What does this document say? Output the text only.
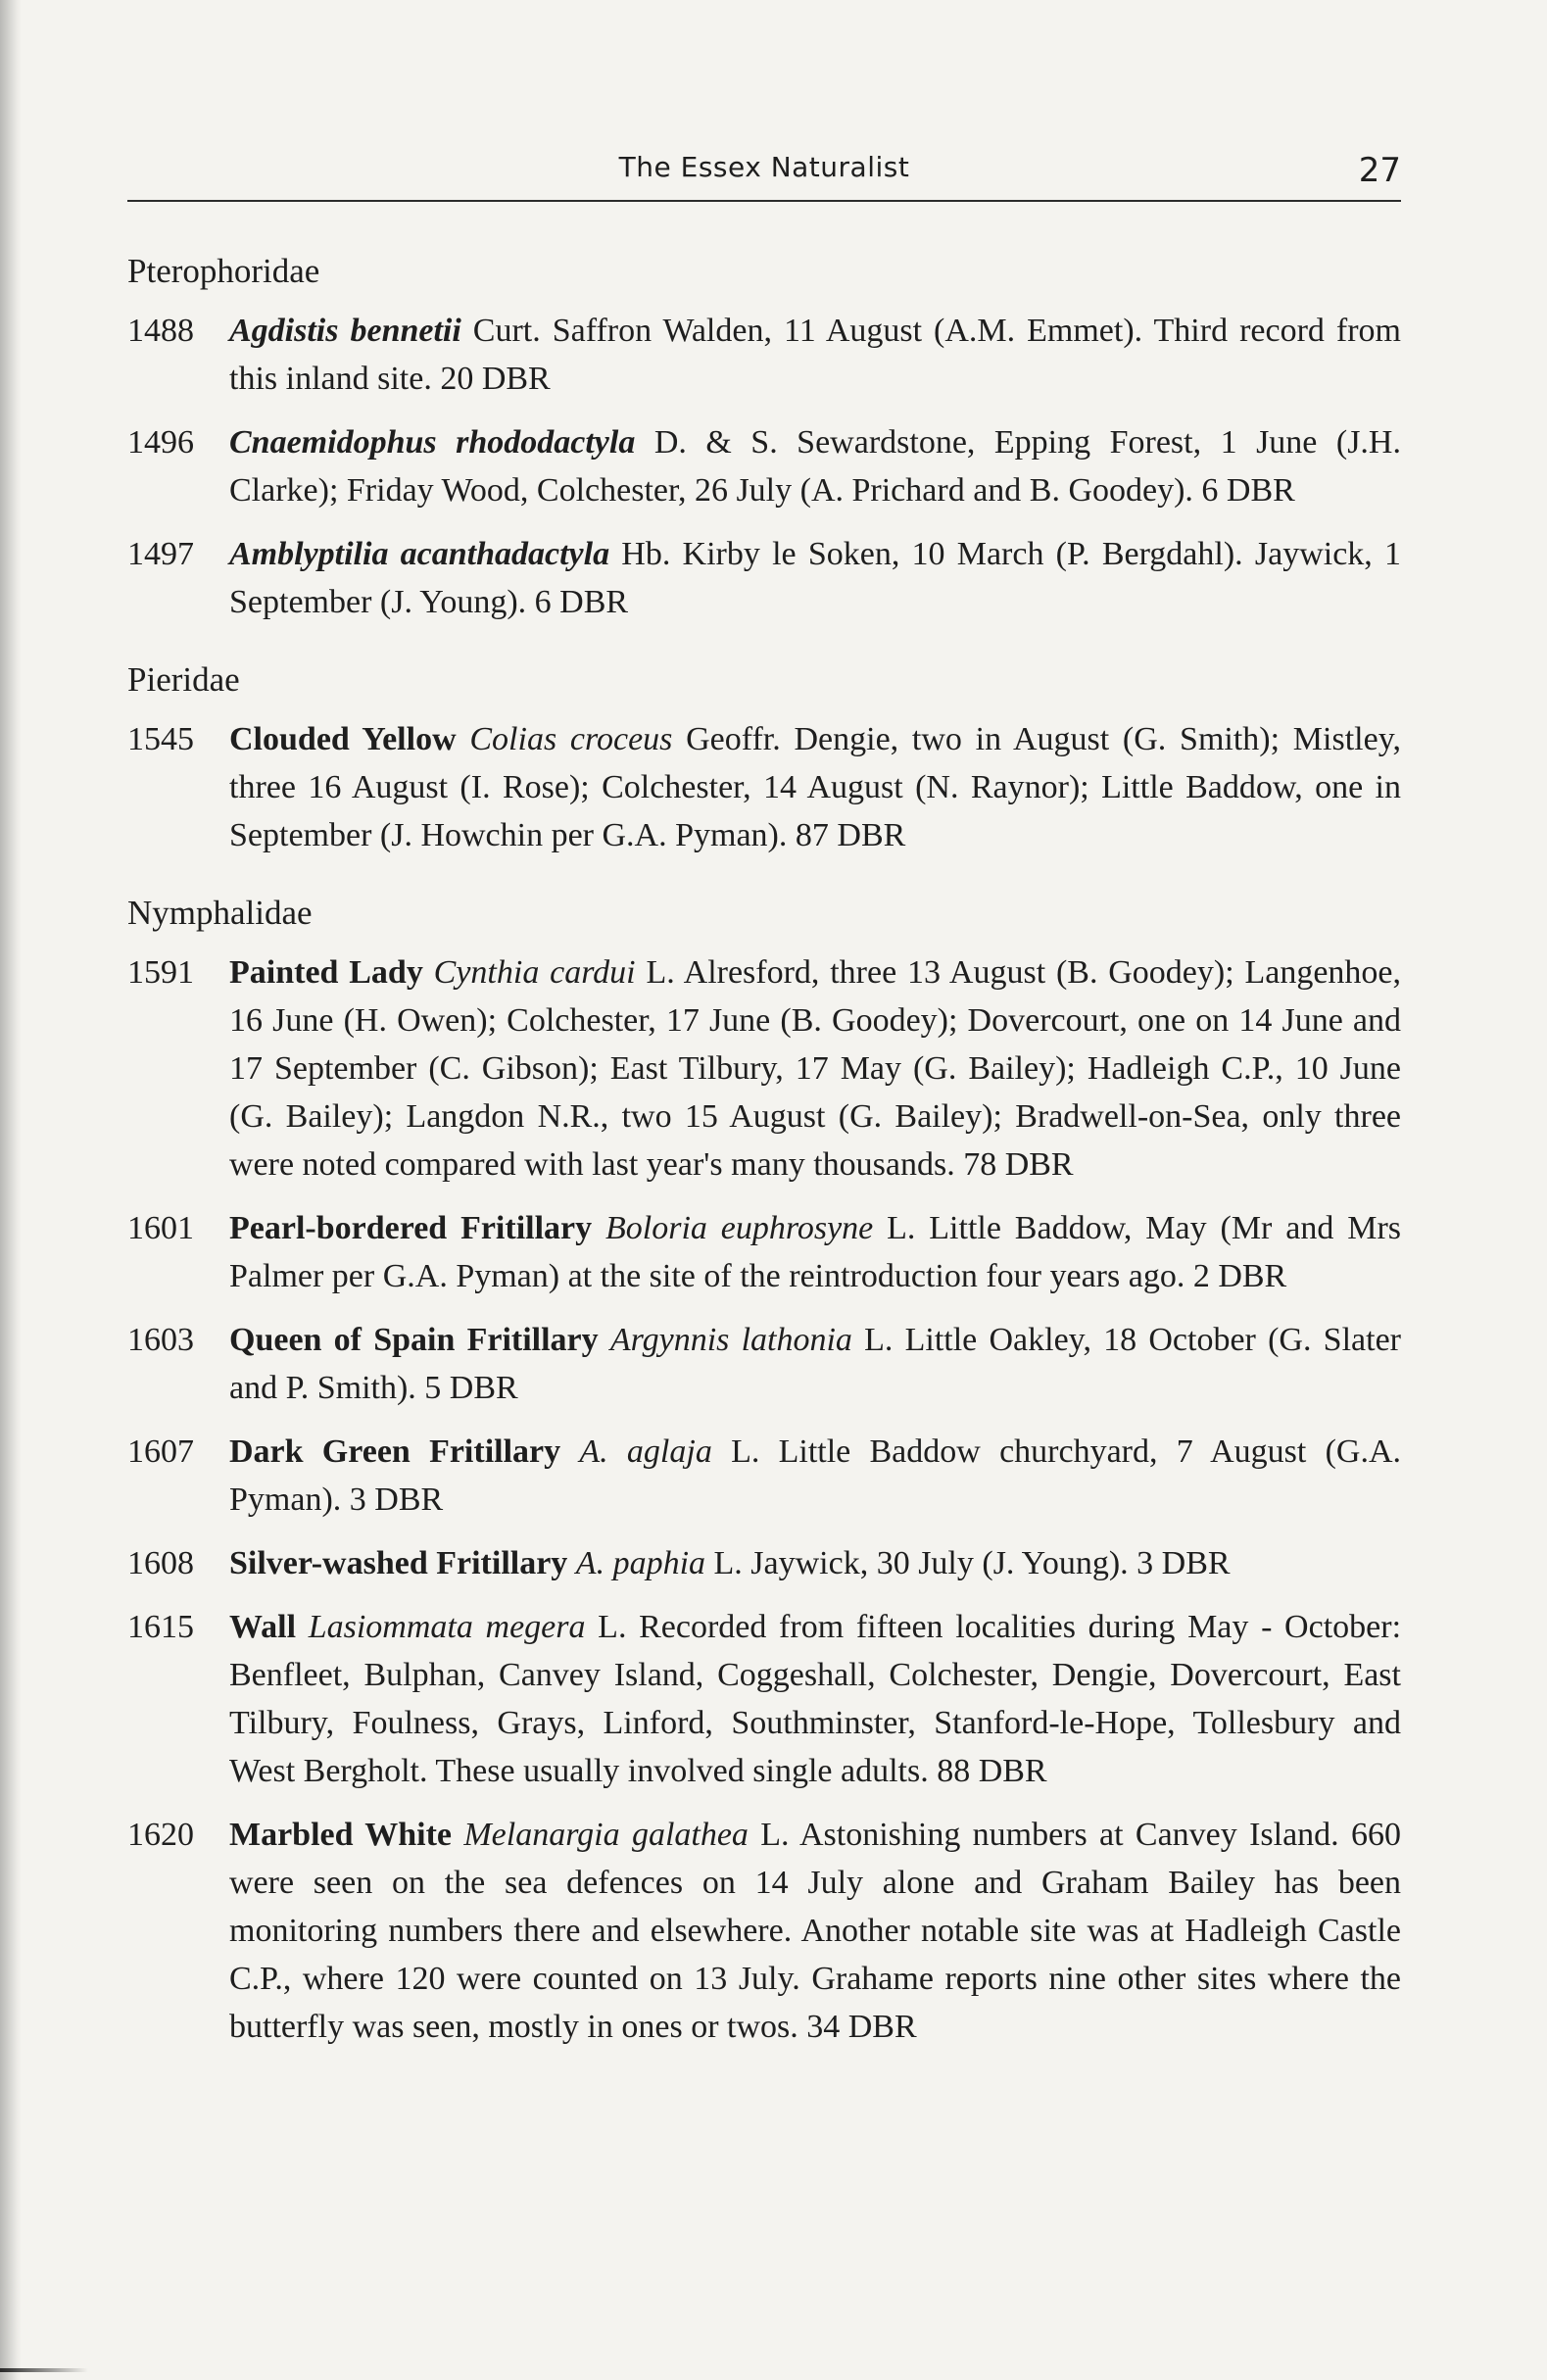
The Essex Naturalist	27
Pterophoridae
1488	Agdistis bennetii Curt. Saffron Walden, 11 August (A.M. Emmet). Third record from this inland site. 20 DBR
1496	Cnaemidophus rhododactyla D. & S. Sewardstone, Epping Forest, 1 June (J.H. Clarke); Friday Wood, Colchester, 26 July (A. Prichard and B. Goodey). 6 DBR
1497	Amblyptilia acanthadactyla Hb. Kirby le Soken, 10 March (P. Bergdahl). Jaywick, 1 September (J. Young). 6 DBR
Pieridae
1545	Clouded Yellow Colias croceus Geoffr. Dengie, two in August (G. Smith); Mistley, three 16 August (I. Rose); Colchester, 14 August (N. Raynor); Little Baddow, one in September (J. Howchin per G.A. Pyman). 87 DBR
Nymphalidae
1591	Painted Lady Cynthia cardui L. Alresford, three 13 August (B. Goodey); Langenhoe, 16 June (H. Owen); Colchester, 17 June (B. Goodey); Dovercourt, one on 14 June and 17 September (C. Gibson); East Tilbury, 17 May (G. Bailey); Hadleigh C.P., 10 June (G. Bailey); Langdon N.R., two 15 August (G. Bailey); Bradwell-on-Sea, only three were noted compared with last year's many thousands. 78 DBR
1601	Pearl-bordered Fritillary Boloria euphrosyne L. Little Baddow, May (Mr and Mrs Palmer per G.A. Pyman) at the site of the reintroduction four years ago. 2 DBR
1603	Queen of Spain Fritillary Argynnis lathonia L. Little Oakley, 18 October (G. Slater and P. Smith). 5 DBR
1607	Dark Green Fritillary A. aglaja L. Little Baddow churchyard, 7 August (G.A. Pyman). 3 DBR
1608	Silver-washed Fritillary A. paphia L. Jaywick, 30 July (J. Young). 3 DBR
1615	Wall Lasiommata megera L. Recorded from fifteen localities during May - October: Benfleet, Bulphan, Canvey Island, Coggeshall, Colchester, Dengie, Dovercourt, East Tilbury, Foulness, Grays, Linford, Southminster, Stanford-le-Hope, Tollesbury and West Bergholt. These usually involved single adults. 88 DBR
1620	Marbled White Melanargia galathea L. Astonishing numbers at Canvey Island. 660 were seen on the sea defences on 14 July alone and Graham Bailey has been monitoring numbers there and elsewhere. Another notable site was at Hadleigh Castle C.P., where 120 were counted on 13 July. Grahame reports nine other sites where the butterfly was seen, mostly in ones or twos. 34 DBR
